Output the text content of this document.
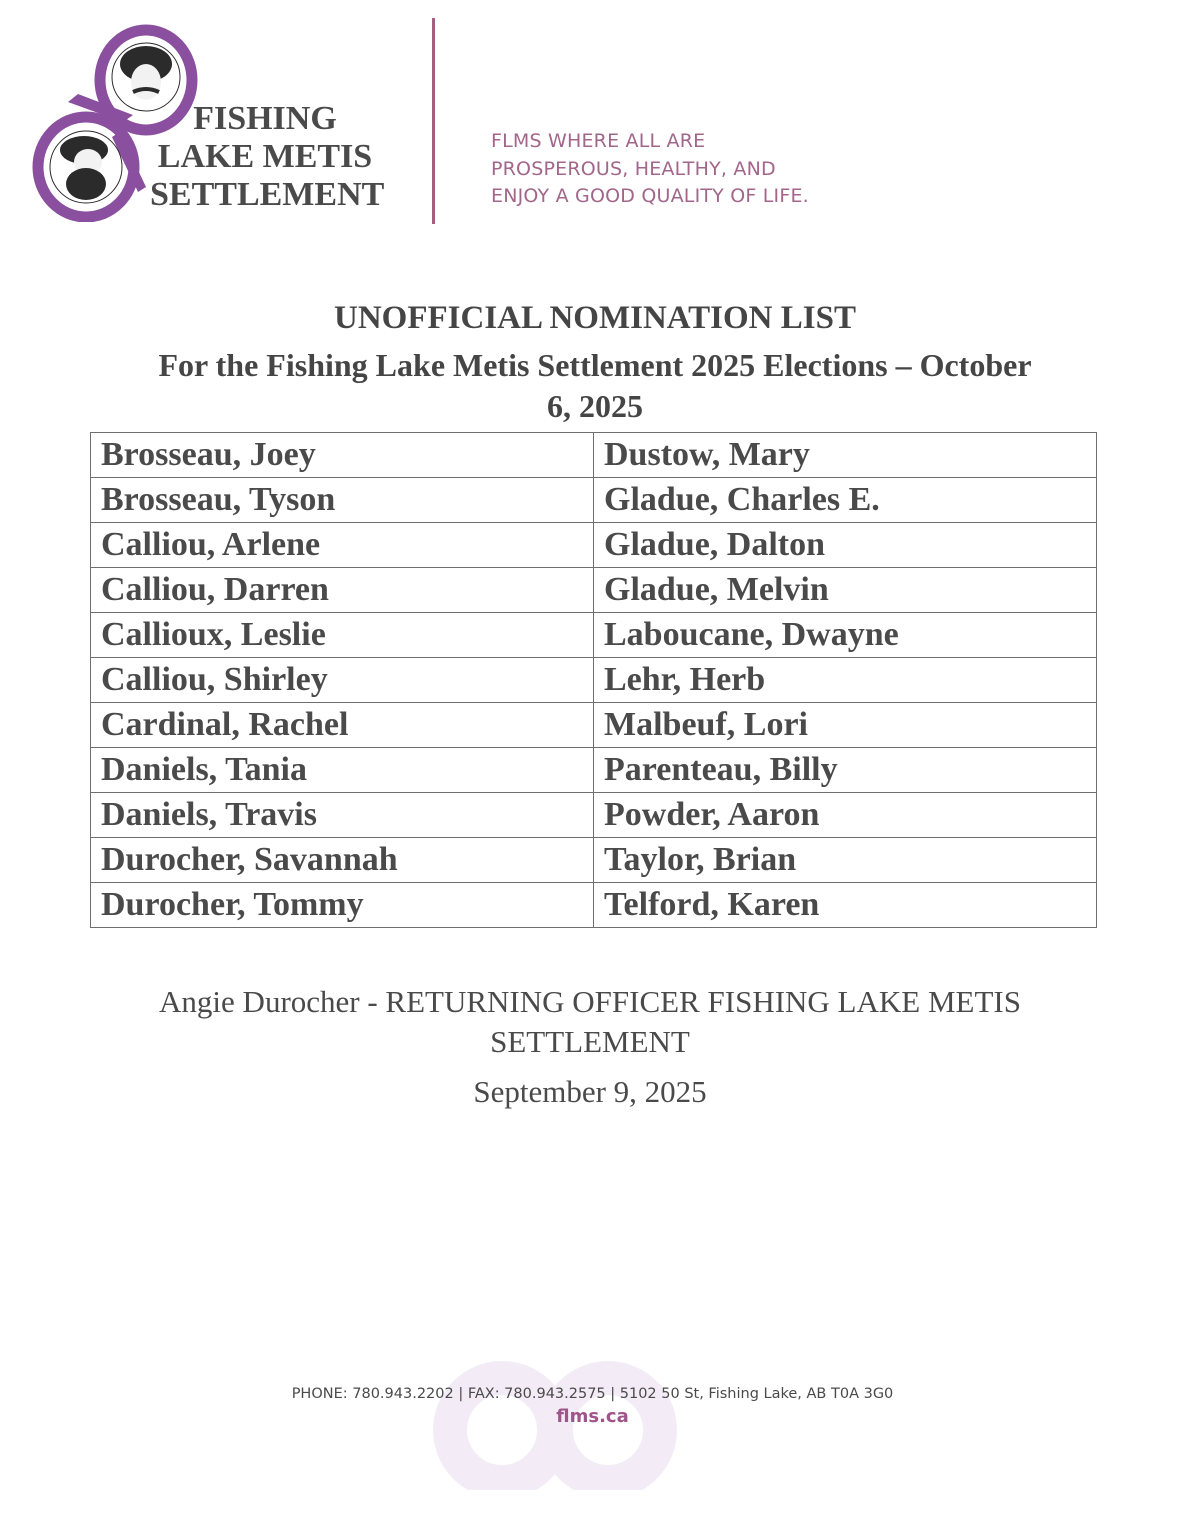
FISHING
LAKE METIS
SETTLEMENT
FLMS WHERE ALL ARE
PROSPEROUS, HEALTHY, AND
ENJOY A GOOD QUALITY OF LIFE.
UNOFFICIAL NOMINATION LIST
For the Fishing Lake Metis Settlement 2025 Elections – October
6, 2025
Brosseau, Joey	Dustow, Mary
Brosseau, Tyson	Gladue, Charles E.
Calliou, Arlene	Gladue, Dalton
Calliou, Darren	Gladue, Melvin
Callioux, Leslie	Laboucane, Dwayne
Calliou, Shirley	Lehr, Herb
Cardinal, Rachel	Malbeuf, Lori
Daniels, Tania	Parenteau, Billy
Daniels, Travis	Powder, Aaron
Durocher, Savannah	Taylor, Brian
Durocher, Tommy	Telford, Karen
Angie Durocher - RETURNING OFFICER FISHING LAKE METIS
SETTLEMENT
September 9, 2025
PHONE: 780.943.2202 | FAX: 780.943.2575 | 5102 50 St, Fishing Lake, AB T0A 3G0
flms.ca
